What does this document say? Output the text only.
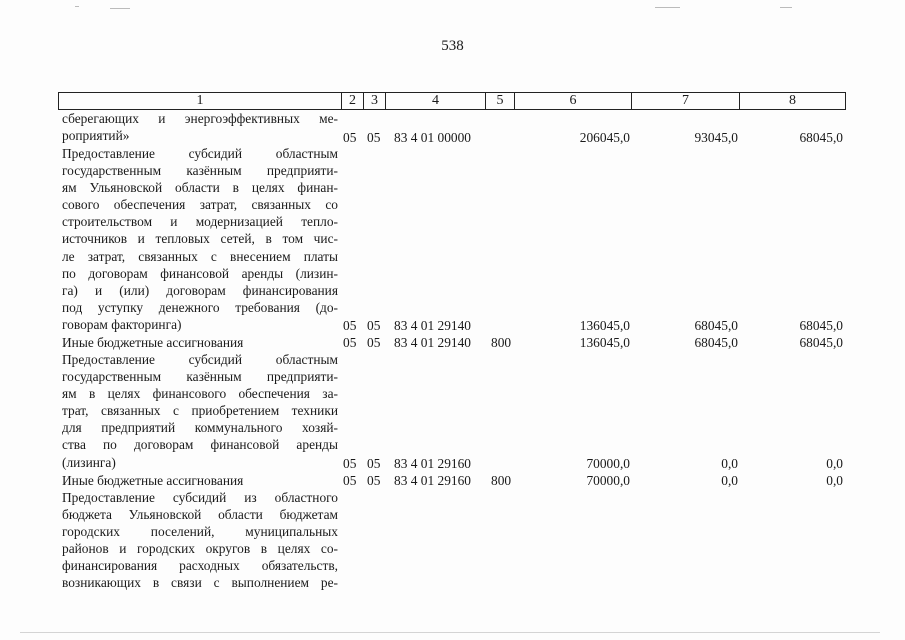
538
1	2	3	4	5	6	7	8
сберегающих и энергоэффективных ме-
роприятий»	05 05 83 4 01 00000	206045,0	93045,0	68045,0
Предоставление субсидий областным
государственным казённым предприяти-
ям Ульяновской области в целях финан-
сового обеспечения затрат, связанных со
строительством и модернизацией тепло-
источников и тепловых сетей, в том чис-
ле затрат, связанных с внесением платы
по договорам финансовой аренды (лизин-
га) и (или) договорам финансирования
под уступку денежного требования (до-
говорам факторинга)	05 05 83 4 01 29140	136045,0	68045,0	68045,0
Иные бюджетные ассигнования	05 05 83 4 01 29140 800	136045,0	68045,0	68045,0
Предоставление субсидий областным
государственным казённым предприяти-
ям в целях финансового обеспечения за-
трат, связанных с приобретением техники
для предприятий коммунального хозяй-
ства по договорам финансовой аренды
(лизинга)	05 05 83 4 01 29160	70000,0	0,0	0,0
Иные бюджетные ассигнования	05 05 83 4 01 29160 800	70000,0	0,0	0,0
Предоставление субсидий из областного
бюджета Ульяновской области бюджетам
городских поселений, муниципальных
районов и городских округов в целях со-
финансирования расходных обязательств,
возникающих в связи с выполнением ре-
